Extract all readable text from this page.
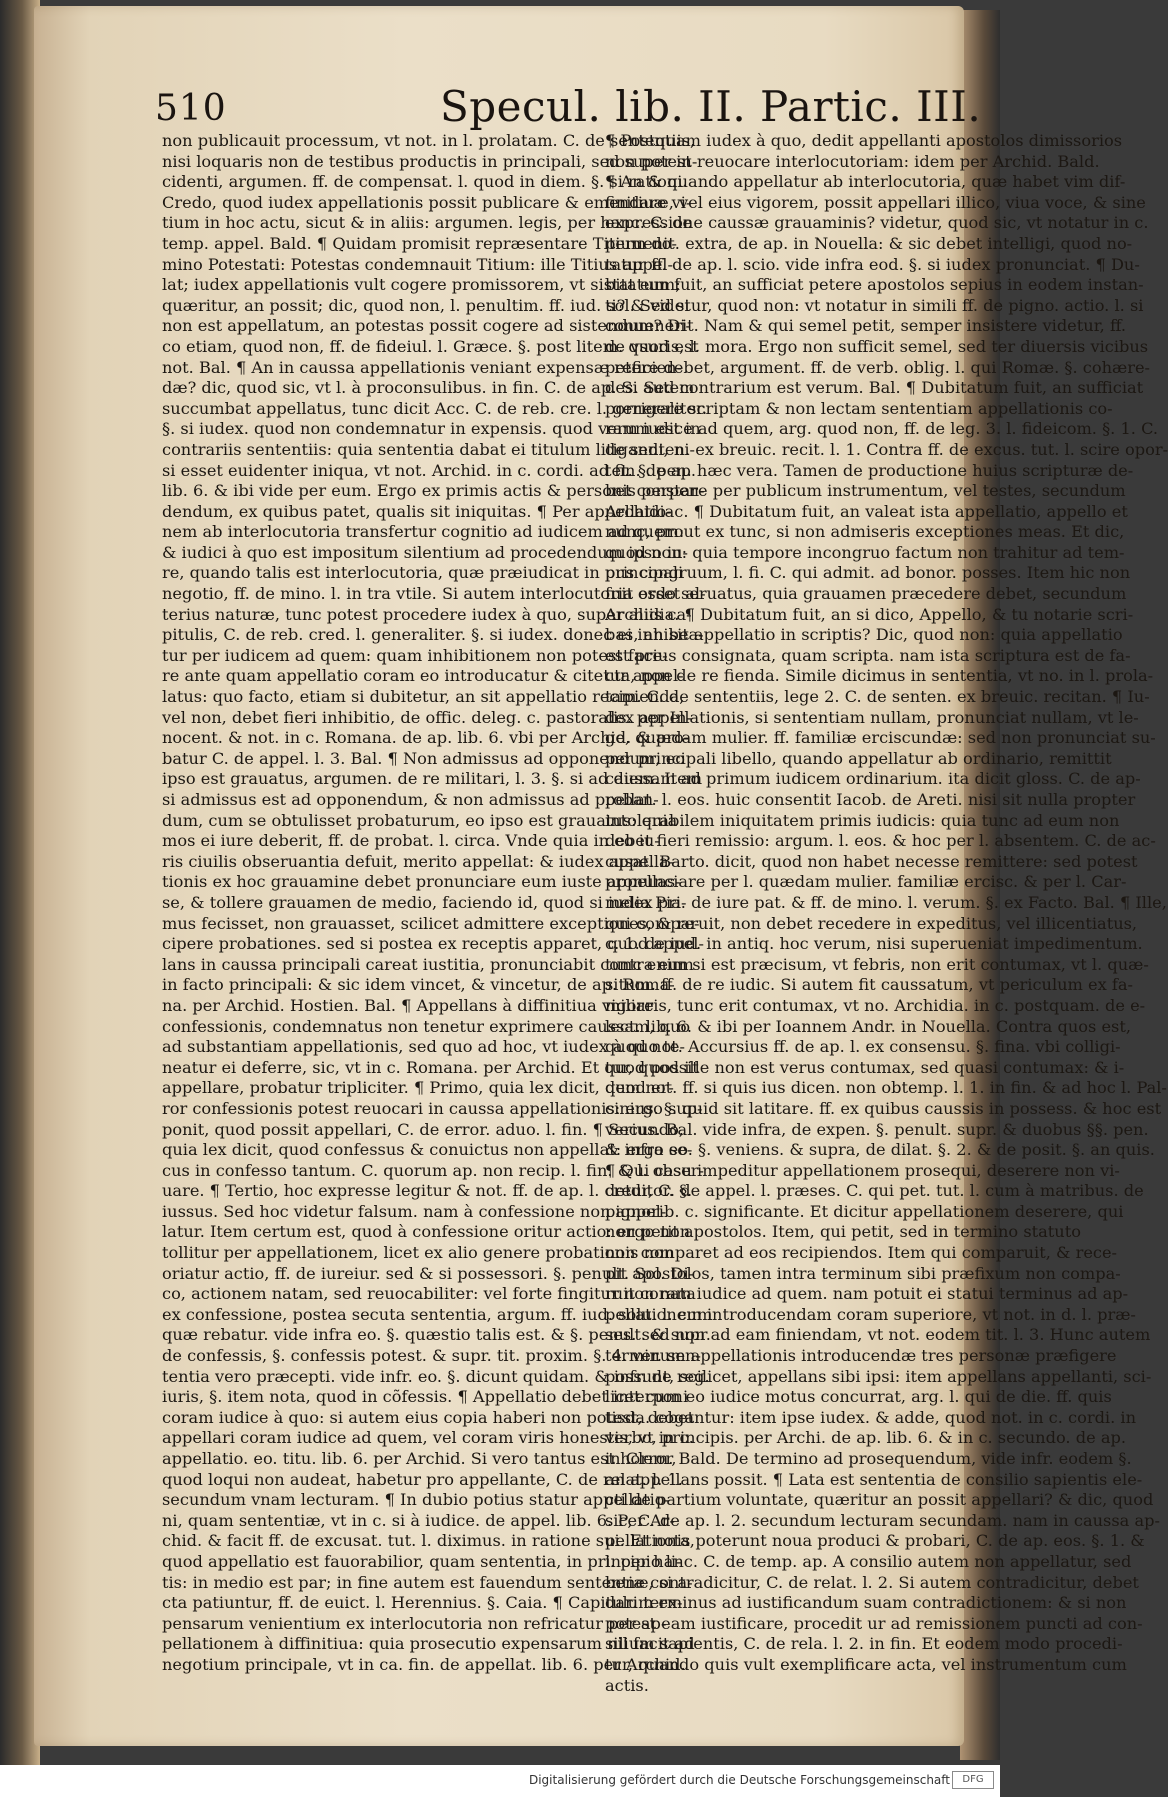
510	Specul. lib. II. Partic. III.
non publicauit processum, vt not. in l. prolatam. C. de sententiis,
nisi loquaris non de testibus productis in principali, sed super in-
cidenti, argumen. ff. de compensat. l. quod in diem. §. si rationi.
Credo, quod iudex appellationis possit publicare & emendare vi-
tium in hoc actu, sicut & in aliis: argumen. legis, per hanc. C. de
temp. appel. Bald. ¶ Quidam promisit repræsentare Titium do-
mino Potestati: Potestas condemnauit Titium: ille Titius appel-
lat; iudex appellationis vult cogere promissorem, vt sistat eum;
quæritur, an possit; dic, quod non, l. penultim. ff. iud. sol. Sed si
non est appellatum, an potestas possit cogere ad sistendum? Di-
co etiam, quod non, ff. de fideiul. l. Græce. §. post litem. quod est
not. Bal. ¶ An in caussa appellationis veniant expensæ reficien-
dæ? dic, quod sic, vt l. à proconsulibus. in fin. C. de ap. Si autem
succumbat appellatus, tunc dicit Acc. C. de reb. cre. l. generaliter.
§. si iudex. quod non condemnatur in expensis. quod verum est in
contrariis sententiis: quia sententia dabat ei titulum litigandi, ni-
si esset euidenter iniqua, vt not. Archid. in c. cordi. ad fin. de ap.
lib. 6. & ibi vide per eum. Ergo ex primis actis & personis perpen-
dendum, ex quibus patet, qualis sit iniquitas. ¶ Per appellatio-
nem ab interlocutoria transfertur cognitio ad iudicem ad quem:
& iudici à quo est impositum silentium ad procedendum ipso iu-
re, quando talis est interlocutoria, quæ præiudicat in principali
negotio, ff. de mino. l. in tra vtile. Si autem interlocutoria esset al-
terius naturæ, tunc potest procedere iudex à quo, super aliis ca-
pitulis, C. de reb. cred. l. generaliter. §. si iudex. donec ei inhibea-
tur per iudicem ad quem: quam inhibitionem non potest face-
re ante quam appellatio coram eo introducatur & citetur appel-
latus: quo facto, etiam si dubitetur, an sit appellatio recipienda,
vel non, debet fieri inhibitio, de offic. deleg. c. pastoralis. per In-
nocent. & not. in c. Romana. de ap. lib. 6. vbi per Archid. & pro-
batur C. de appel. l. 3. Bal. ¶ Non admissus ad opponendum, eo
ipso est grauatus, argumen. de re militari, l. 3. §. si ad diem. Item
si admissus est ad opponendum, & non admissus ad proban-
dum, cum se obtulisset probaturum, eo ipso est grauatus: quia
mos ei iure deberit, ff. de probat. l. circa. Vnde quia in eo iu-
ris ciuilis obseruantia defuit, merito appellat: & iudex appella-
tionis ex hoc grauamine debet pronunciare eum iuste appellas-
se, & tollere grauamen de medio, faciendo id, quod si iudex pri-
mus fecisset, non grauasset, scilicet admittere exceptiones, & re-
cipere probationes. sed si postea ex receptis apparet, quod appel-
lans in caussa principali careat iustitia, pronunciabit contra eum
in facto principali: & sic idem vincet, & vincetur, de ap. Roma-
na. per Archid. Hostien. Bal. ¶ Appellans à diffinitiua vigore
confessionis, condemnatus non tenetur exprimere caussam, quo
ad substantiam appellationis, sed quo ad hoc, vt iudex à quo te-
neatur ei deferre, sic, vt in c. Romana. per Archid. Et quod possit
appellare, probatur tripliciter. ¶ Primo, quia lex dicit, quod er-
ror confessionis potest reuocari in caussa appellationis: ergo sup-
ponit, quod possit appellari, C. de error. aduo. l. fin. ¶ Secundo,
quia lex dicit, quod confessus & conuictus non appellat: ergo se-
cus in confesso tantum. C. quorum ap. non recip. l. fin. & l. obser-
uare. ¶ Tertio, hoc expresse legitur & not. ff. de ap. l. creditor. §.
iussus. Sed hoc videtur falsum. nam à confessione non appel-
latur. Item certum est, quod à confessione oritur actio: ergo non
tollitur per appellationem, licet ex alio genere probationis non
oriatur actio, ff. de iureiur. sed & si possessori. §. penult. Sol. Di-
co, actionem natam, sed reuocabiliter: vel forte fingitur non nata
ex confessione, postea secuta sententia, argum. ff. iud. solu. l. cum
quæ rebatur. vide infra eo. §. quæstio talis est. & §. penult. & supr.
de confessis, §. confessis potest. & supr. tit. proxim. §. 4. ver. sen-
tentia vero præcepti. vide infr. eo. §. dicunt quidam. & infr. de reg.
iuris, §. item nota, quod in cõfessis. ¶ Appellatio debet interponi
coram iudice à quo: si autem eius copia haberi non potest, debet
appellari coram iudice ad quem, vel coram viris honestis, vt in c.
appellatio. eo. titu. lib. 6. per Archid. Si vero tantus est horror,
quod loqui non audeat, habetur pro appellante, C. de relat. l. 1.
secundum vnam lecturam. ¶ In dubio potius statur appellatio-
ni, quam sententiæ, vt in c. si à iudice. de appel. lib. 6. Per Ar-
chid. & facit ff. de excusat. tut. l. diximus. in ratione sui. Et nota,
quod appellatio est fauorabilior, quam sententia, in principio li-
tis: in medio est par; in fine autem est fauendum sententiæ, si a-
cta patiuntur, ff. de euict. l. Herennius. §. Caia. ¶ Capitulum ex-
pensarum venientium ex interlocutoria non refricatur per ap-
pellationem à diffinitiua: quia prosecutio expensarum nil facit ad
negotium principale, vt in ca. fin. de appellat. lib. 6. per Archid.
¶ Postquam iudex à quo, dedit appellanti apostolos dimissorios
non potest reuocare interlocutoriam: idem per Archid. Bald.
¶ An & quando appellatur ab interlocutoria, quæ habet vim dif-
finitiuæ, vel eius vigorem, possit appellari illico, viua voce, & sine
expressione caussæ grauaminis? videtur, quod sic, vt notatur in c.
peruenit. extra, de ap. in Nouella: & sic debet intelligi, quod no-
tatur ff. de ap. l. scio. vide infra eod. §. si iudex pronunciat. ¶ Du-
bitatum fuit, an sufficiat petere apostolos sepius in eodem instan-
ti? & videtur, quod non: vt notatur in simili ff. de pigno. actio. l. si
conuenerit. Nam & qui semel petit, semper insistere videtur, ff.
de vsuris, l. mora. Ergo non sufficit semel, sed ter diuersis vicibus
petere debet, argument. ff. de verb. oblig. l. qui Romæ. §. cohære-
des. Sed contrarium est verum. Bal. ¶ Dubitatum fuit, an sufficiat
porrigere scriptam & non lectam sententiam appellationis co-
ram iudice ad quem, arg. quod non, ff. de leg. 3. l. fideicom. §. 1. C.
de senten. ex breuic. recit. l. 1. Contra ff. de excus. tut. l. scire opor-
tet. §. pen. hæc vera. Tamen de productione huius scripturæ de-
bet constare per publicum instrumentum, vel testes, secundum
Archidiac. ¶ Dubitatum fuit, an valeat ista appellatio, appello et
nunc, prout ex tunc, si non admiseris exceptiones meas. Et dic,
quod non: quia tempore incongruo factum non trahitur ad tem-
pus congruum, l. fi. C. qui admit. ad bonor. posses. Item hic non
fuit ordo seruatus, quia grauamen præcedere debet, secundum
Archidia. ¶ Dubitatum fuit, an si dico, Appello, & tu notarie scri-
bas, an sit appellatio in scriptis? Dic, quod non: quia appellatio
est prius consignata, quam scripta. nam ista scriptura est de fa-
cta, non de re fienda. Simile dicimus in sententia, vt no. in l. prola-
tam. C. de sententiis, lege 2. C. de senten. ex breuic. recitan. ¶ Iu-
dex appellationis, si sententiam nullam, pronunciat nullam, vt le-
ge, quædam mulier. ff. familiæ erciscundæ: sed non pronunciat su-
per principali libello, quando appellatur ab ordinario, remittit
caussam ad primum iudicem ordinarium. ita dicit gloss. C. de ap-
pellat. l. eos. huic consentit Iacob. de Areti. nisi sit nulla propter
intolerabilem iniquitatem primis iudicis: quia tunc ad eum non
debet fieri remissio: argum. l. eos. & hoc per l. absentem. C. de ac-
cusat. Barto. dicit, quod non habet necesse remittere: sed potest
pronunciare per l. quædam mulier. familiæ ercisc. & per l. Car-
melia Pia. de iure pat. & ff. de mino. l. verum. §. ex Facto. Bal. ¶ Ille,
qui comparuit, non debet recedere in expeditus, vel illicentiatus,
c. 1. de iud. in antiq. hoc verum, nisi superueniat impedimentum.
tunc enim si est præcisum, vt febris, non erit contumax, vt l. quæ-
situm. ff. de re iudic. Si autem fit caussatum, vt periculum ex fa-
miliaris, tunc erit contumax, vt no. Archidia. in c. postquam. de e-
lect. lib. 6. & ibi per Ioannem Andr. in Nouella. Contra quos est,
quod not. Accursius ff. de ap. l. ex consensu. §. fina. vbi colligi-
tur, quod ille non est verus contumax, sed quasi contumax: & i-
dem not. ff. si quis ius dicen. non obtemp. l. 1. in fin. & ad hoc l. Pal-
cinius. §. quid sit latitare. ff. ex quibus caussis in possess. & hoc est
verius. Bal. vide infra, de expen. §. penult. supr. & duobus §§. pen.
& infra eo. §. veniens. & supra, de dilat. §. 2. & de posit. §. an quis.
¶ Qui casu impeditur appellationem prosequi, deserere non vi-
detur, C. de appel. l. præses. C. qui pet. tut. l. cum à matribus. de
pignorib. c. significante. Et dicitur appellationem deserere, qui
non petit apostolos. Item, qui petit, sed in termino statuto
non comparet ad eos recipiendos. Item qui comparuit, & rece-
pit apostolos, tamen intra terminum sibi præfixum non compa-
ruit coram iudice ad quem. nam potuit ei statui terminus ad ap-
pellationem introducendam coram superiore, vt not. in d. l. præ-
ses. sed non ad eam finiendam, vt not. eodem tit. l. 3. Hunc autem
terminum appellationis introducendæ tres personæ præfigere
possunt, scilicet, appellans sibi ipsi: item appellans appellanti, sci-
licet cum eo iudice motus concurrat, arg. l. qui de die. ff. quis
tisda. cogantur: item ipse iudex. & adde, quod not. in c. cordi. in
verbo, principis. per Archi. de ap. lib. 6. & in c. secundo. de ap.
in Clem. Bald. De termino ad prosequendum, vide infr. eodem §.
an appellans possit. ¶ Lata est sententia de consilio sapientis ele-
cti de partium voluntate, quæritur an possit appellari? & dic, quod
sic, C. de ap. l. 2. secundum lecturam secundam. nam in caussa ap-
pellationis poterunt noua produci & probari, C. de ap. eos. §. 1. &
l. per hanc. C. de temp. ap. A consilio autem non appellatur, sed
bene contradicitur, C. de relat. l. 2. Si autem contradicitur, debet
dari terminus ad iustificandum suam contradictionem: & si non
potest eam iustificare, procedit ur ad remissionem puncti ad con-
silium sapientis, C. de rela. l. 2. in fin. Et eodem modo procedi-
tur, quando quis vult exemplificare acta, vel instrumentum cum
actis.
Digitalisierung gefördert durch die Deutsche Forschungsgemeinschaft	DFG
